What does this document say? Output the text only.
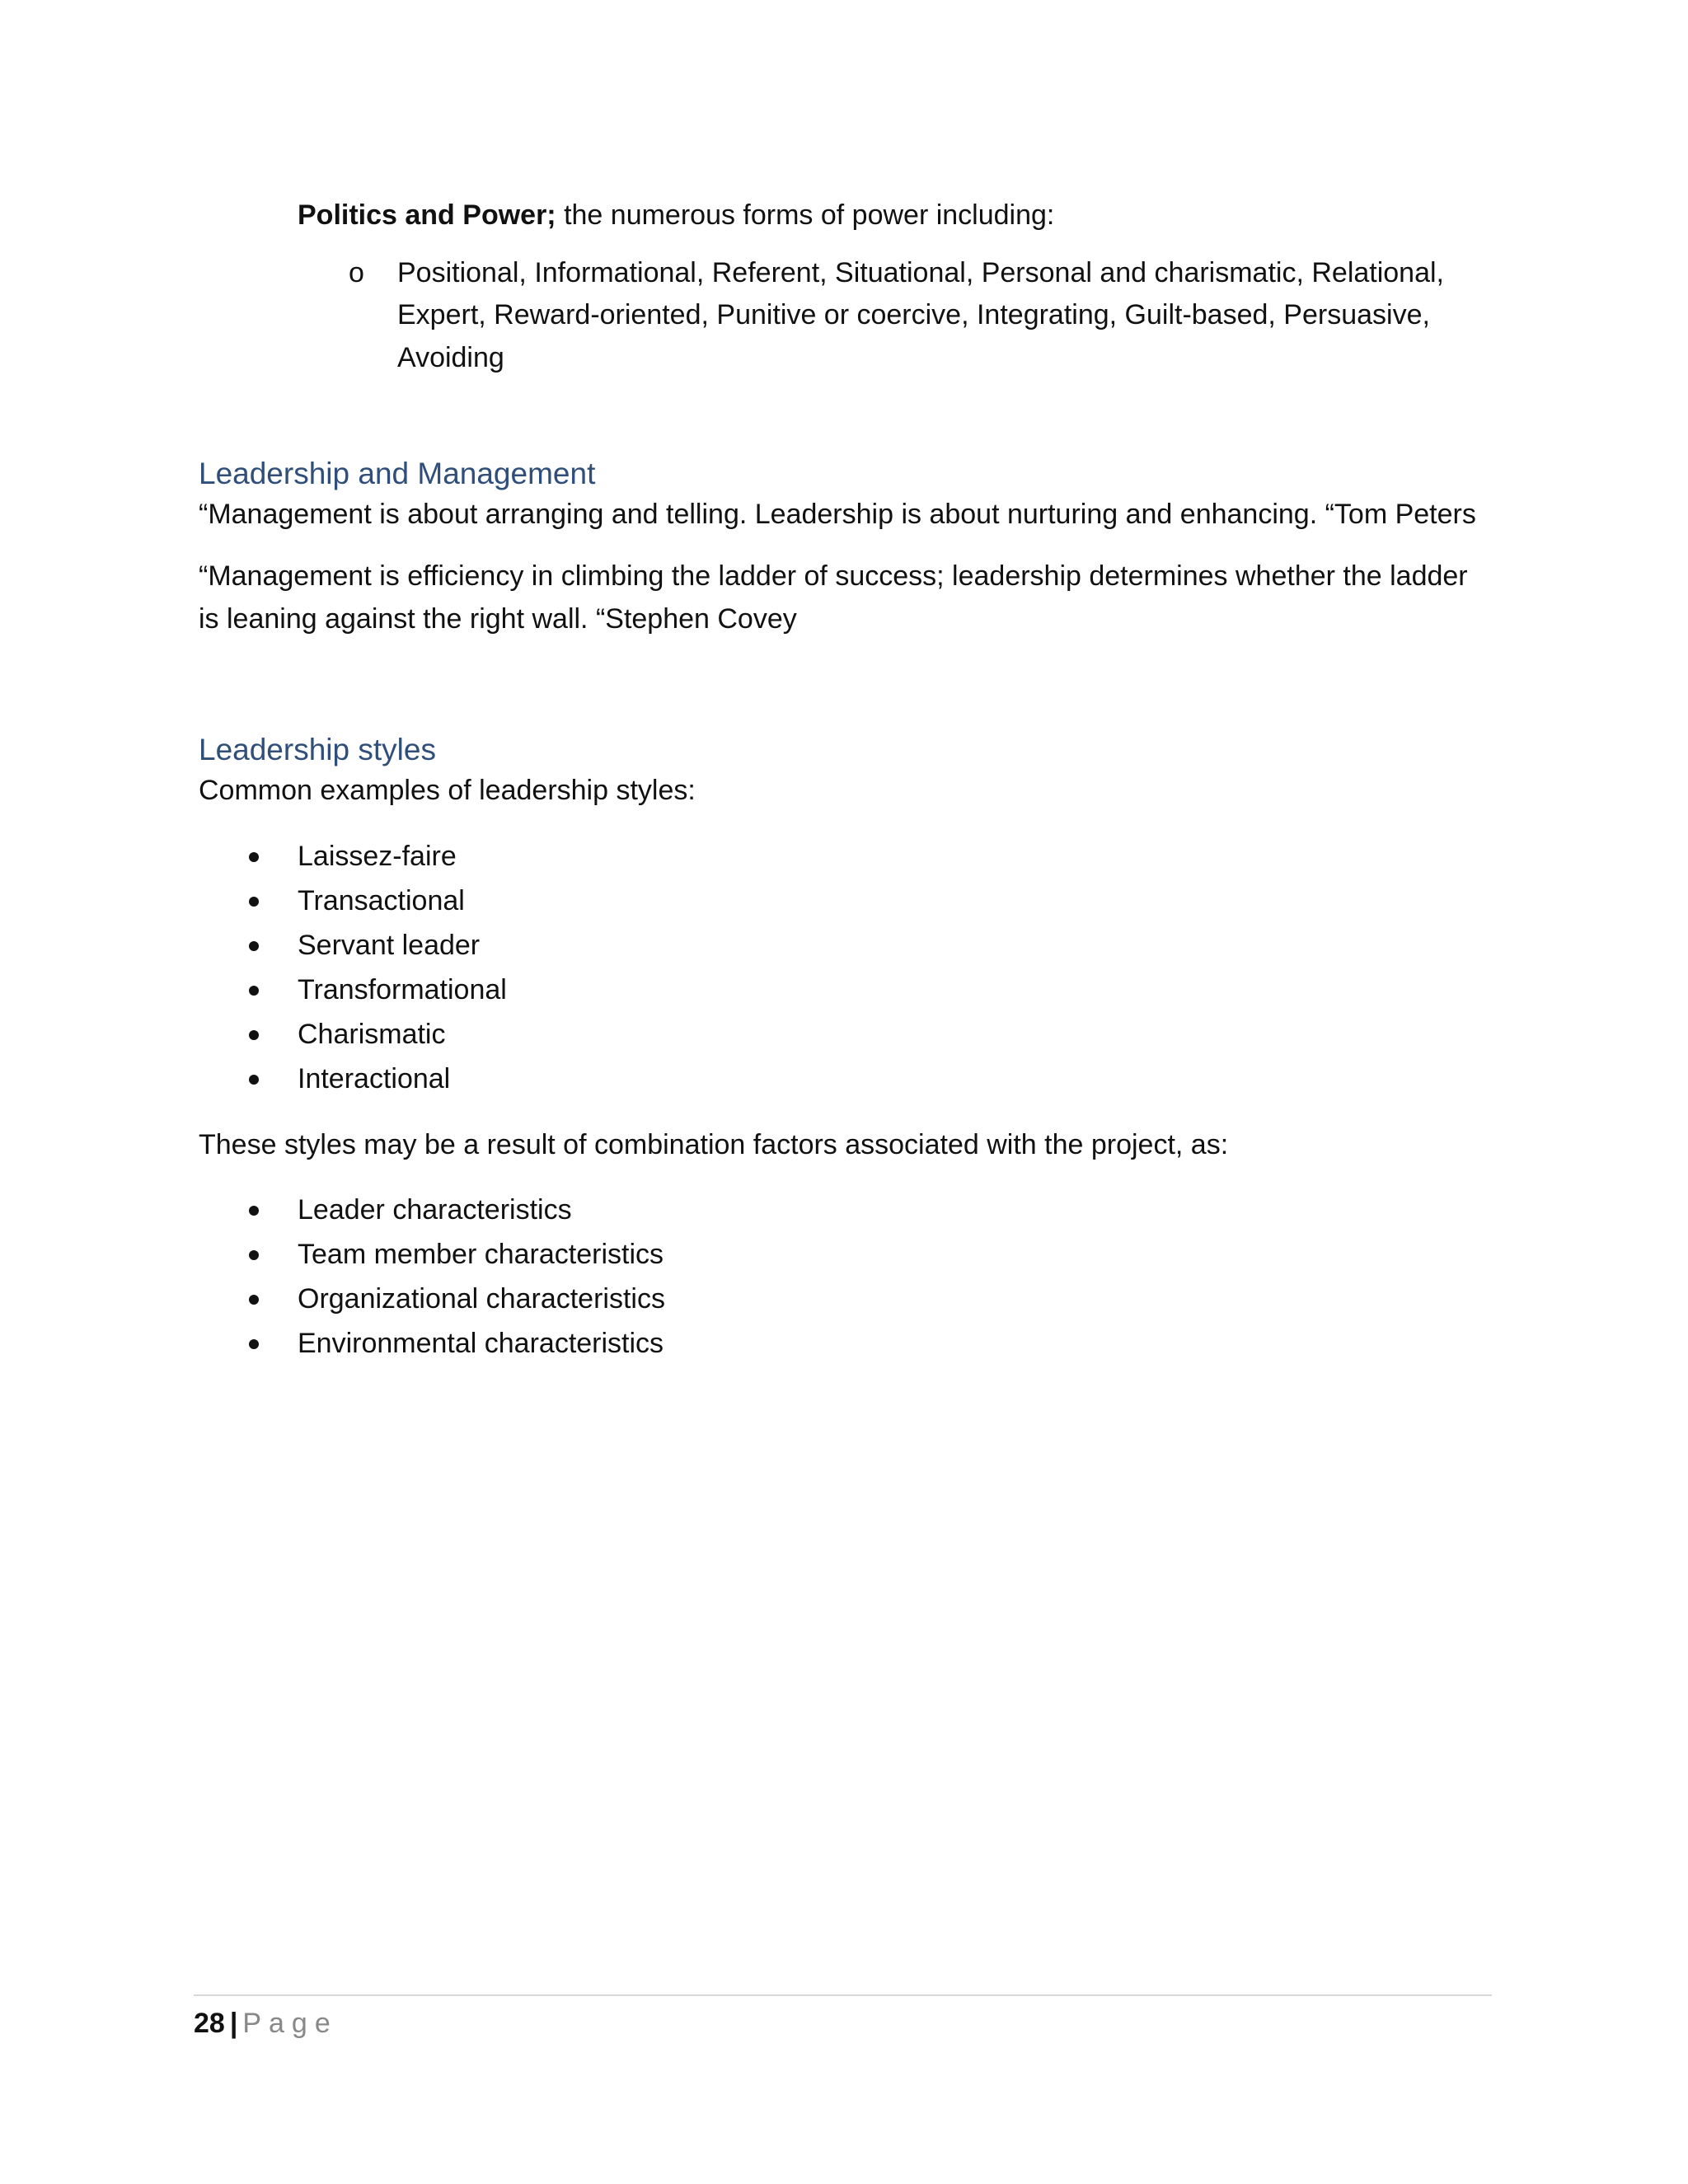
Politics and Power; the numerous forms of power including:

o Positional, Informational, Referent, Situational, Personal and charismatic, Relational, Expert, Reward-oriented, Punitive or coercive, Integrating, Guilt-based, Persuasive, Avoiding
Leadership and Management

“Management is about arranging and telling. Leadership is about nurturing and enhancing. “Tom Peters

“Management is efficiency in climbing the ladder of success; leadership determines whether the ladder is leaning against the right wall. “Stephen Covey

Leadership styles

Common examples of leadership styles:

Laissez-faire
Transactional
Servant leader
Transformational
Charismatic
Interactional

These styles may be a result of combination factors associated with the project, as:

Leader characteristics
Team member characteristics
Organizational characteristics
Environmental characteristics
28 | Page
